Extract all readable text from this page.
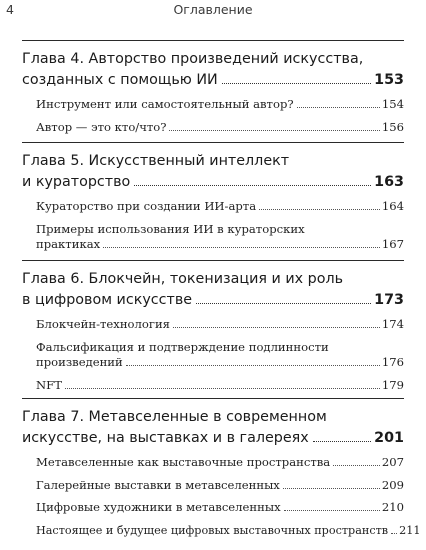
4	Оглавление
Глава 4. Авторство произведений искусства,
созданных с помощью ИИ	153
Инструмент или самостоятельный автор?	154
Автор — это кто/что?	156
Глава 5. Искусственный интеллект
и кураторство	163
Кураторство при создании ИИ-арта	164
Примеры использования ИИ в кураторских
практиках	167
Глава 6. Блокчейн, токенизация и их роль
в цифровом искусстве	173
Блокчейн-технология	174
Фальсификация и подтверждение подлинности
произведений	176
NFT	179
Глава 7. Метавселенные в современном
искусстве, на выставках и в галереях	201
Метавселенные как выставочные пространства	207
Галерейные выставки в метавселенных	209
Цифровые художники в метавселенных	210
Настоящее и будущее цифровых выставочных пространств 211
